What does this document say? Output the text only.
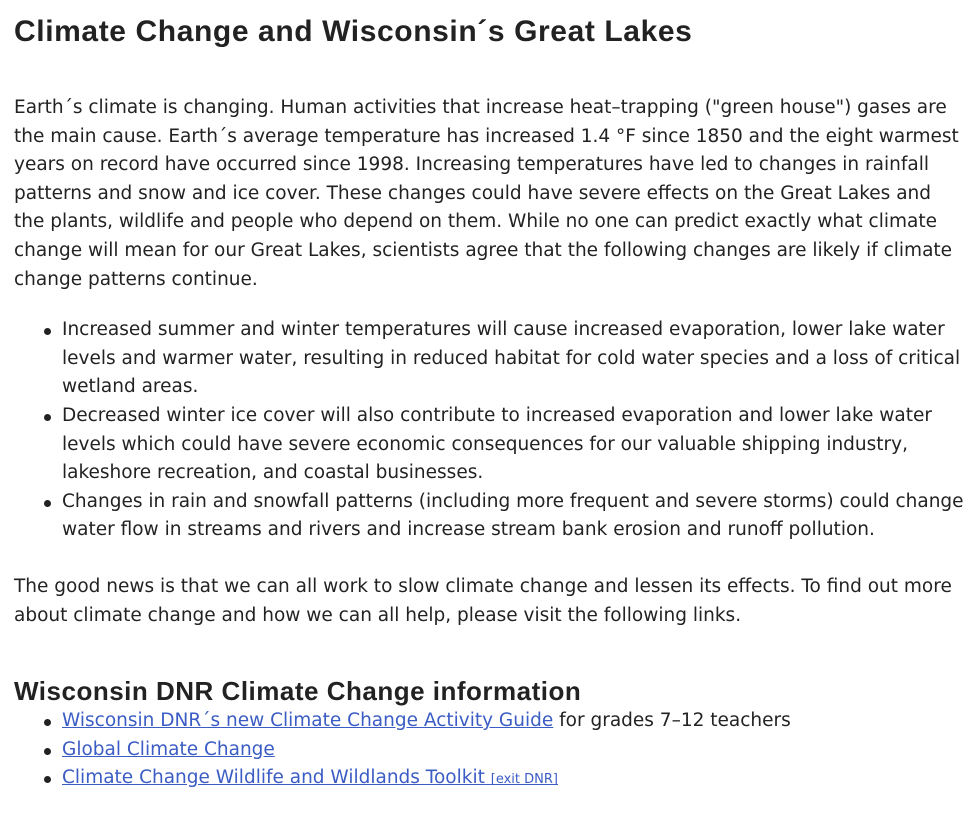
Climate Change and Wisconsin´s Great Lakes

Earth´s climate is changing. Human activities that increase heat–trapping ("green house") gases are the main cause. Earth´s average temperature has increased 1.4 °F since 1850 and the eight warmest years on record have occurred since 1998. Increasing temperatures have led to changes in rainfall patterns and snow and ice cover. These changes could have severe effects on the Great Lakes and the plants, wildlife and people who depend on them. While no one can predict exactly what climate change will mean for our Great Lakes, scientists agree that the following changes are likely if climate change patterns continue.

Increased summer and winter temperatures will cause increased evaporation, lower lake water levels and warmer water, resulting in reduced habitat for cold water species and a loss of critical wetland areas.
Decreased winter ice cover will also contribute to increased evaporation and lower lake water levels which could have severe economic consequences for our valuable shipping industry, lakeshore recreation, and coastal businesses.
Changes in rain and snowfall patterns (including more frequent and severe storms) could change water flow in streams and rivers and increase stream bank erosion and runoff pollution.

The good news is that we can all work to slow climate change and lessen its effects. To find out more about climate change and how we can all help, please visit the following links.

Wisconsin DNR Climate Change information
Wisconsin DNR´s new Climate Change Activity Guide for grades 7–12 teachers
Global Climate Change
Climate Change Wildlife and Wildlands Toolkit [exit DNR]
